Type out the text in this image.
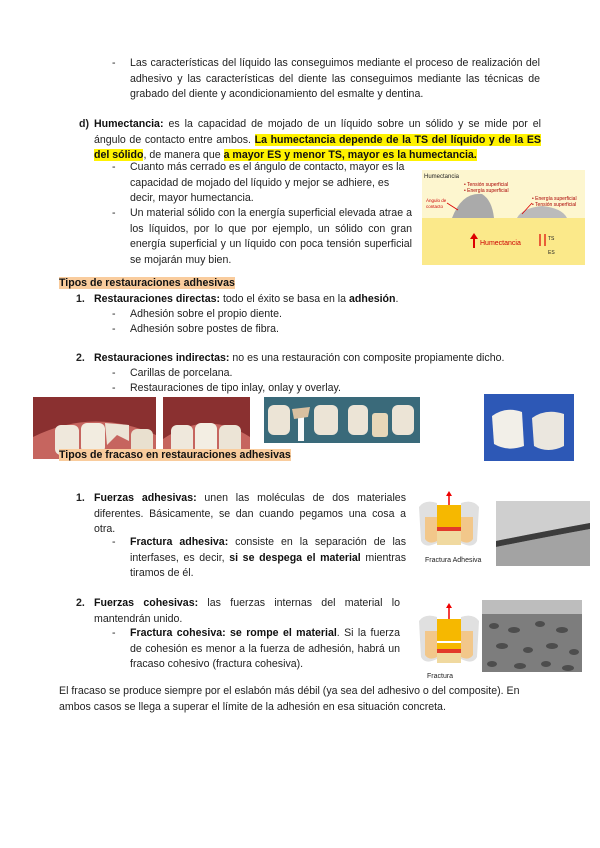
- Las características del líquido las conseguimos mediante el proceso de realización del adhesivo y las características del diente las conseguimos mediante las técnicas de grabado del diente y acondicionamiento del esmalte y dentina.
d) Humectancia: es la capacidad de mojado de un líquido sobre un sólido y se mide por el ángulo de contacto entre ambos. La humectancia depende de la TS del líquido y de la ES del sólido, de manera que a mayor ES y menor TS, mayor es la humectancia.
- Cuanto más cerrado es el ángulo de contacto, mayor es la capacidad de mojado del líquido y mejor se adhiere, es decir, mayor humectancia.
- Un material sólido con la energía superficial elevada atrae a los líquidos, por lo que por ejemplo, un sólido con gran energía superficial y un líquido con poca tensión superficial se mojarán muy bien.
Humectancia
• Tensión superficial
• Energía superficial
• Energía superficial
• Tensión superficial
Ángulo de contacto
Humectancia
TS
ES
Tipos de restauraciones adhesivas
1. Restauraciones directas: todo el éxito se basa en la adhesión.
- Adhesión sobre el propio diente.
- Adhesión sobre postes de fibra.
2. Restauraciones indirectas: no es una restauración con composite propiamente dicho.
- Carillas de porcelana.
- Restauraciones de tipo inlay, onlay y overlay.
Tipos de fracaso en restauraciones adhesivas
1. Fuerzas adhesivas: unen las moléculas de dos materiales diferentes. Básicamente, se dan cuando pegamos una cosa a otra.
- Fractura adhesiva: consiste en la separación de las interfases, es decir, si se despega el material mientras tiramos de él.
Fractura Adhesiva
2. Fuerzas cohesivas: las fuerzas internas del material lo mantendrán unido.
- Fractura cohesiva: se rompe el material. Si la fuerza de cohesión es menor a la fuerza de adhesión, habrá un fracaso cohesivo (fractura cohesiva).
Fractura
El fracaso se produce siempre por el eslabón más débil (ya sea del adhesivo o del composite). En ambos casos se llega a superar el límite de la adhesión en esa situación concreta.
